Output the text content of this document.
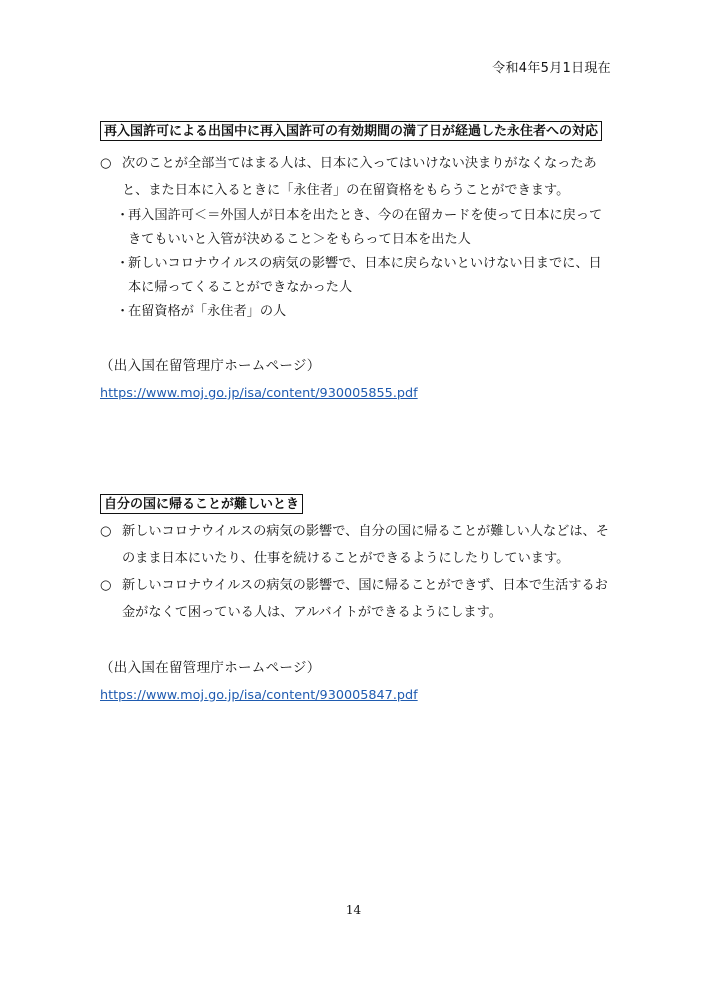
令和4年5月1日現在
再入国許可による出国中に再入国許可の有効期間の満了日が経過した永住者への対応

○ 次のことが全部当てはまる人は、日本に入ってはいけない決まりがなくなったあと、また日本に入るときに「永住者」の在留資格をもらうことができます。

・
再入国許可＜＝外国人が日本を出たとき、今の在留カードを使って日本に戻ってきてもいいと入管が決めること＞をもらって日本を出た人
・
新しいコロナウイルスの病気の影響で、日本に戻らないといけない日までに、日本に帰ってくることができなかった人
・
在留資格が「永住者」の人
（出入国在留管理庁ホームページ）
https://www.moj.go.jp/isa/content/930005855.pdf
自分の国に帰ることが難しいとき

○ 新しいコロナウイルスの病気の影響で、自分の国に帰ることが難しい人などは、そのまま日本にいたり、仕事を続けることができるようにしたりしています。

○ 新しいコロナウイルスの病気の影響で、国に帰ることができず、日本で生活するお金がなくて困っている人は、アルバイトができるようにします。

（出入国在留管理庁ホームページ）
https://www.moj.go.jp/isa/content/930005847.pdf
14
